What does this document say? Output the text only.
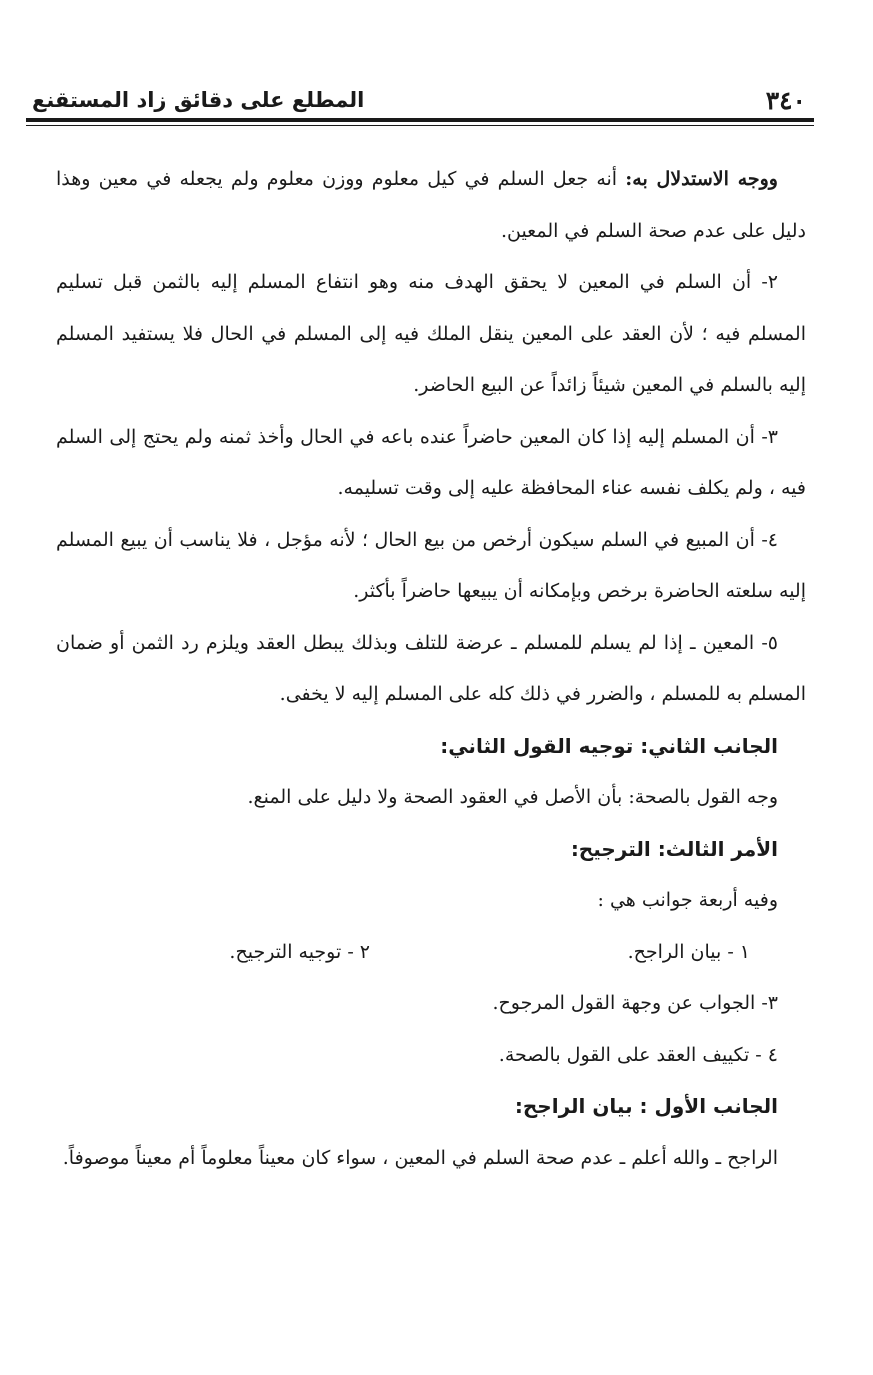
٣٤٠
المطلع على دقائق زاد المستقنع

ووجه الاستدلال به: أنه جعل السلم في كيل معلوم ووزن معلوم ولم يجعله في معين وهذا دليل على عدم صحة السلم في المعين.

٢- أن السلم في المعين لا يحقق الهدف منه وهو انتفاع المسلم إليه بالثمن قبل تسليم المسلم فيه ؛ لأن العقد على المعين ينقل الملك فيه إلى المسلم في الحال فلا يستفيد المسلم إليه بالسلم في المعين شيئاً زائداً عن البيع الحاضر.

٣- أن المسلم إليه إذا كان المعين حاضراً عنده باعه في الحال وأخذ ثمنه ولم يحتج إلى السلم فيه ، ولم يكلف نفسه عناء المحافظة عليه إلى وقت تسليمه.

٤- أن المبيع في السلم سيكون أرخص من بيع الحال ؛ لأنه مؤجل ، فلا يناسب أن يبيع المسلم إليه سلعته الحاضرة برخص وبإمكانه أن يبيعها حاضراً بأكثر.

٥- المعين ـ إذا لم يسلم للمسلم ـ عرضة للتلف وبذلك يبطل العقد ويلزم رد الثمن أو ضمان المسلم به للمسلم ، والضرر في ذلك كله على المسلم إليه لا يخفى.

الجانب الثاني: توجيه القول الثاني:

وجه القول بالصحة: بأن الأصل في العقود الصحة ولا دليل على المنع.

الأمر الثالث: الترجيح:

وفيه أربعة جوانب هي :

١ - بيان الراجح.
٢ - توجيه الترجيح.

٣- الجواب عن وجهة القول المرجوح.

٤ - تكييف العقد على القول بالصحة.

الجانب الأول : بيان الراجح:

الراجح ـ والله أعلم ـ عدم صحة السلم في المعين ، سواء كان معيناً معلوماً أم معيناً موصوفاً.
